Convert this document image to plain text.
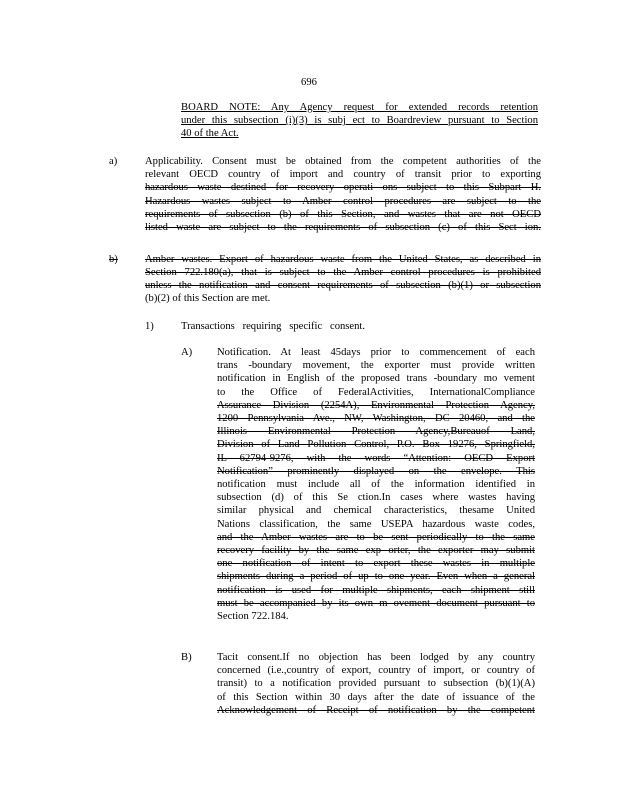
696
BOARD NOTE: Any Agency request for extended records retention
under this subsection (i)(3) is subj ect to Boardreview pursuant to Section
40 of the Act.
a)	Applicability. Consent must be obtained from the competent authorities of the
relevant OECD country of import and country of transit prior to exporting
hazardous waste destined for recovery operati ons subject to this Subpart H.
Hazardous wastes subject to Amber control procedures are subject to the
requirements of subsection (b) of this Section, and wastes that are not OECD
listed waste are subject to the requirements of subsection (c) of this Sect ion.
b)	Amber wastes. Export of hazardous waste from the United States, as described in
Section 722.180(a), that is subject to the Amber control procedures is prohibited
unless the notification and consent requirements of subsection (b)(1) or subsection
(b)(2) of this Section are met.
1)	Transactions requiring specific consent.
A) Notification. At least 45days prior to commencement of each
trans -boundary movement, the exporter must provide written
notification in English of the proposed trans -boundary mo vement
to the Office of FederalActivities, InternationalCompliance
Assurance Division (2254A), Environmental Protection Agency,
1200 Pennsylvania Ave., NW, Washington, DC 20460, and the
Illinois Environmental Protection Agency,Bureauof Land,
Division of Land Pollution Control, P.O. Box 19276, Springfield,
IL 62794-9276, with the words “Attention: OECD Export
Notification” prominently displayed on the envelope. This
notification must include all of the information identified in
subsection (d) of this Se ction.In cases where wastes having
similar physical and chemical characteristics, thesame United
Nations classification, the same USEPA hazardous waste codes,
and the Amber wastes are to be sent periodically to the same
recovery facility by the same exp orter, the exporter may submit
one notification of intent to export these wastes in multiple
shipments during a period of up to one year. Even when a general
notification is used for multiple shipments, each shipment still
must be accompanied by its own m ovement document pursuant to
Section 722.184.
B) Tacit consent.If no objection has been lodged by any country
concerned (i.e.,country of export, country of import, or country of
transit) to a notification provided pursuant to subsection (b)(1)(A)
of this Section within 30 days after the date of issuance of the
Acknowledgement of Receipt of notification by the competent
